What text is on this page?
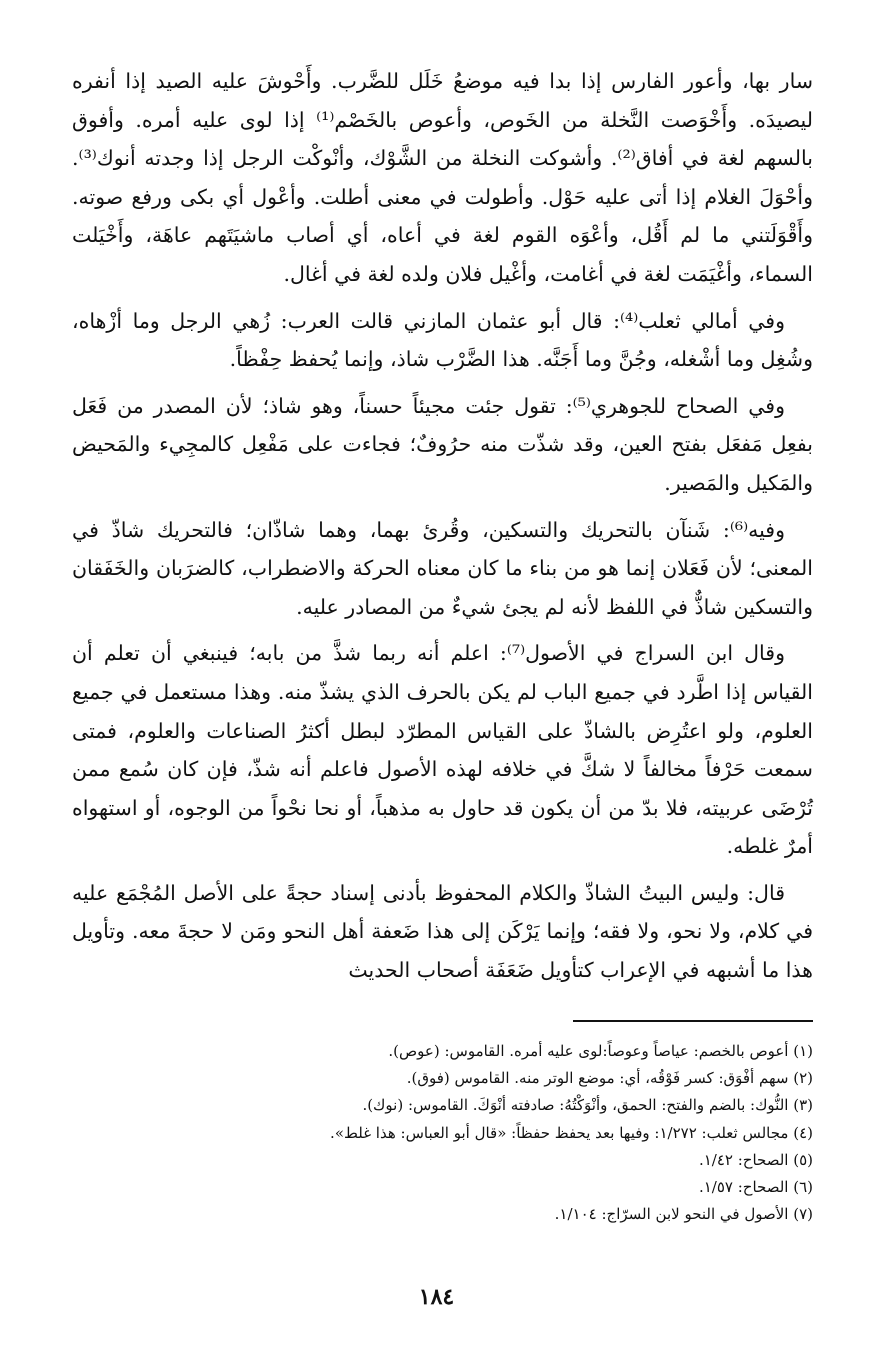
سار بها، وأعور الفارس إذا بدا فيه موضعُ خَلَل للضَّرب. وأَحْوشَ عليه الصيد إذا أنفره ليصيدَه. وأَخْوَصت النَّخلة من الخَوص، وأعوص بالخَصْم⁽¹⁾ إذا لوى عليه أمره. وأفوق بالسهم لغة في أفاق⁽²⁾. وأشوكت النخلة من الشَّوْك، وأنْوكْت الرجل إذا وجدته أنوك⁽³⁾. وأحْوَلَ الغلام إذا أتى عليه حَوْل. وأطولت في معنى أطلت. وأعْول أي بكى ورفع صوته. وأَقْوَلَتني ما لم أَقُل، وأعْوَه القوم لغة في أعاه، أي أصاب ماشيَتَهم عاهَة، وأَخْيَلت السماء، وأغْيَمَت لغة في أغامت، وأغْيل فلان ولده لغة في أغال.

وفي أمالي ثعلب⁽⁴⁾: قال أبو عثمان المازني قالت العرب: زُهي الرجل وما أزْهاه، وشُغِل وما أشْغله، وجُنَّ وما أَجَنَّه. هذا الضَّرْب شاذ، وإنما يُحفظ حِفْظاً.

وفي الصحاح للجوهري⁽⁵⁾: تقول جئت مجيئاً حسناً، وهو شاذ؛ لأن المصدر من فَعَل بفعِل مَفعَل بفتح العين، وقد شذّت منه حرُوفٌ؛ فجاءت على مَفْعِل كالمجِيء والمَحيض والمَكيل والمَصير.

وفيه⁽⁶⁾: شَنآن بالتحريك والتسكين، وقُرئ بهما، وهما شاذّان؛ فالتحريك شاذّ في المعنى؛ لأن فَعَلان إنما هو من بناء ما كان معناه الحركة والاضطراب، كالضرَبان والخَفَقان والتسكين شاذٌّ في اللفظ لأنه لم يجئ شيءٌ من المصادر عليه.

وقال ابن السراج في الأصول⁽⁷⁾: اعلم أنه ربما شذَّ من بابه؛ فينبغي أن تعلم أن القياس إذا اطَّرد في جميع الباب لم يكن بالحرف الذي يشذّ منه. وهذا مستعمل في جميع العلوم، ولو اعتُرِض بالشاذّ على القياس المطرّد لبطل أكثرُ الصناعات والعلوم، فمتى سمعت حَرْفاً مخالفاً لا شكَّ في خلافه لهذه الأصول فاعلم أنه شذّ، فإن كان سُمع ممن تُرْضَى عربيته، فلا بدّ من أن يكون قد حاول به مذهباً، أو نحا نحْواً من الوجوه، أو استهواه أمرٌ غلطه.

قال: وليس البيتُ الشاذّ والكلام المحفوظ بأدنى إسناد حجةً على الأصل المُجْمَع عليه في كلام، ولا نحو، ولا فقه؛ وإنما يَرْكَن إلى هذا ضَعفة أهل النحو ومَن لا حجةَ معه. وتأويل هذا ما أشبهه في الإعراب كتأويل ضَعَفَة أصحاب الحديث

(١) أعوص بالخصم: عياصاً وعوصاً:لوى عليه أمره. القاموس: (عوص).
(٢) سهم أفْوَق: كسر فَوْقُه، أي: موضع الوتر منه. القاموس (فوق).
(٣) النُّوك: بالضم والفتح: الحمق، وأنْوَكْتُهُ: صادفته أنْوَكَ. القاموس: (نوك).
(٤) مجالس ثعلب: ١/٢٧٢: وفيها بعد يحفظ حفظاً: «قال أبو العباس: هذا غلط».
(٥) الصحاح: ١/٤٢.
(٦) الصحاح: ١/٥٧.
(٧) الأصول في النحو لابن السرّاج: ١/١٠٤.
١٨٤
